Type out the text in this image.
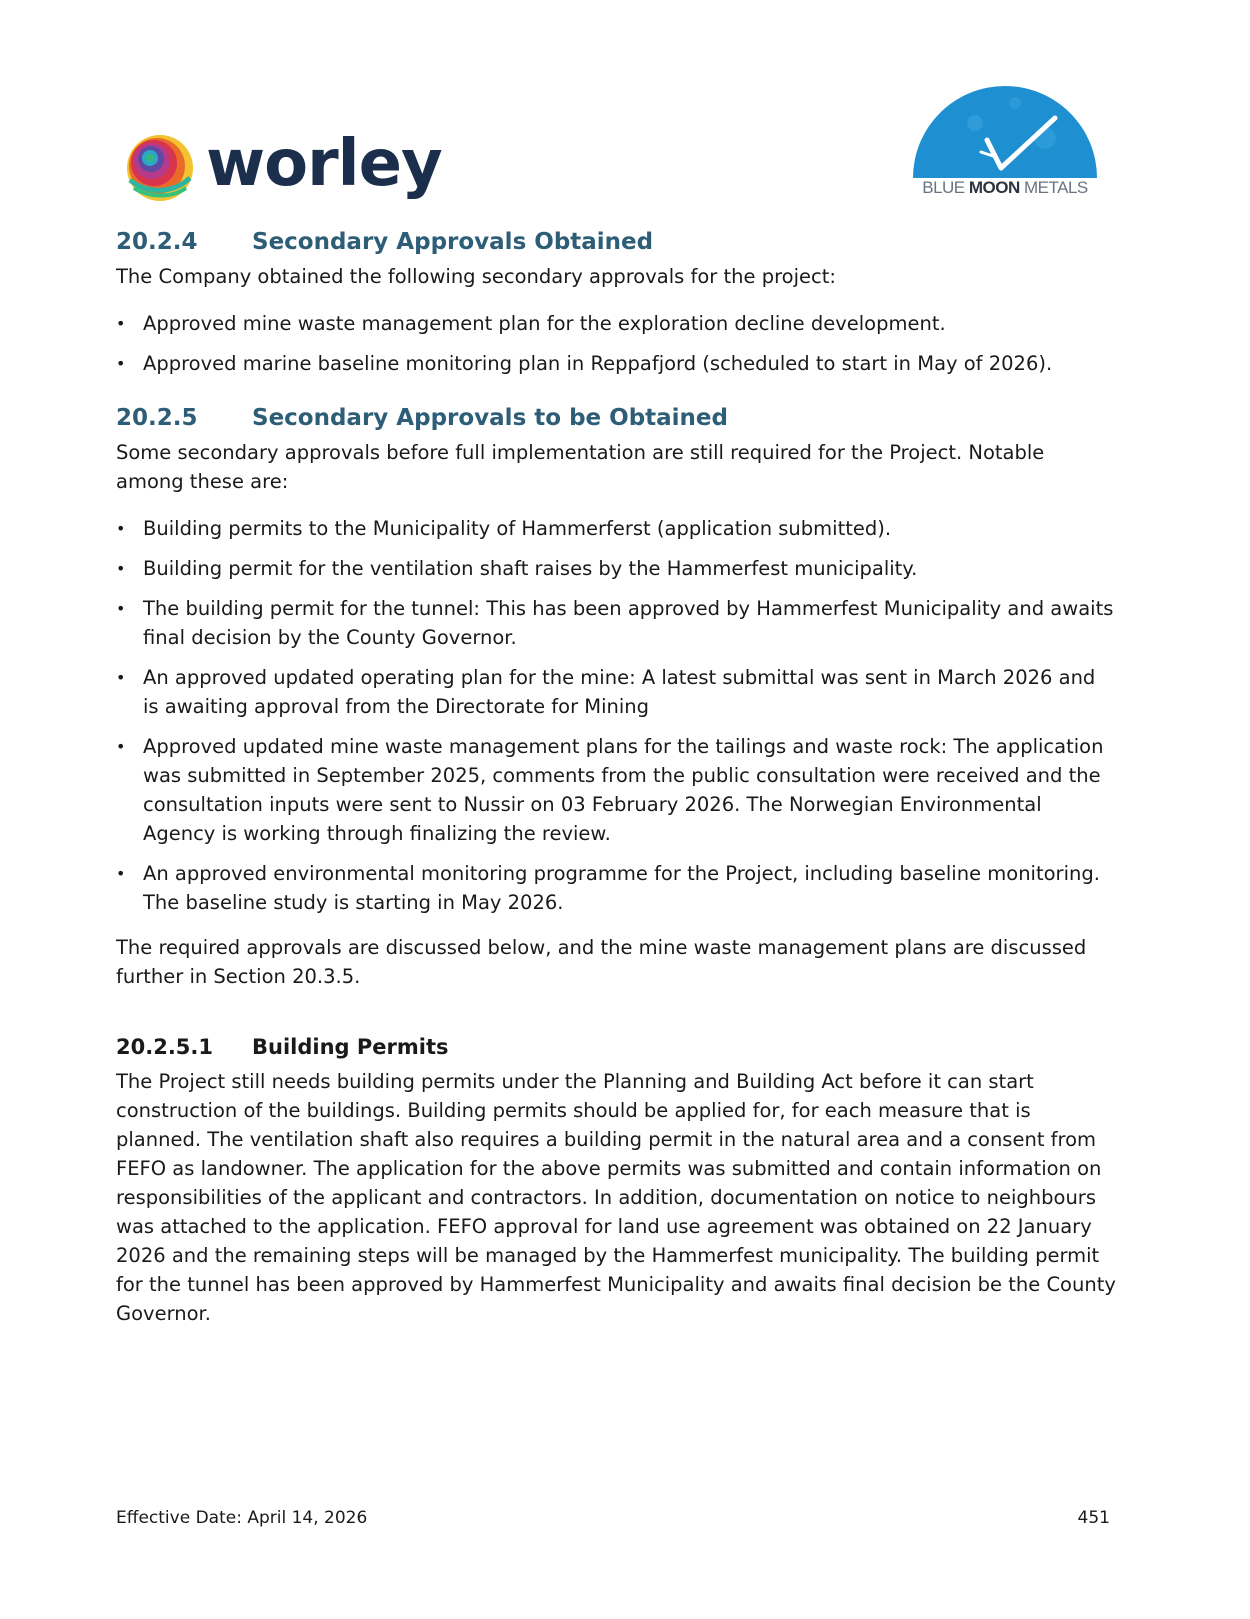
worley	BLUE MOON METALS
20.2.4	Secondary Approvals Obtained

The Company obtained the following secondary approvals for the project:

• Approved mine waste management plan for the exploration decline development.
• Approved marine baseline monitoring plan in Reppafjord (scheduled to start in May of 2026).
20.2.5	Secondary Approvals to be Obtained

Some secondary approvals before full implementation are still required for the Project. Notable among these are:

• Building permits to the Municipality of Hammerferst (application submitted).
• Building permit for the ventilation shaft raises by the Hammerfest municipality.
• The building permit for the tunnel: This has been approved by Hammerfest Municipality and awaits final decision by the County Governor.
• An approved updated operating plan for the mine: A latest submittal was sent in March 2026 and is awaiting approval from the Directorate for Mining
• Approved updated mine waste management plans for the tailings and waste rock: The application was submitted in September 2025, comments from the public consultation were received and the consultation inputs were sent to Nussir on 03 February 2026. The Norwegian Environmental Agency is working through finalizing the review.
• An approved environmental monitoring programme for the Project, including baseline monitoring. The baseline study is starting in May 2026.

The required approvals are discussed below, and the mine waste management plans are discussed further in Section 20.3.5.

20.2.5.1	Building Permits

The Project still needs building permits under the Planning and Building Act before it can start construction of the buildings. Building permits should be applied for, for each measure that is planned. The ventilation shaft also requires a building permit in the natural area and a consent from FEFO as landowner. The application for the above permits was submitted and contain information on responsibilities of the applicant and contractors. In addition, documentation on notice to neighbours was attached to the application. FEFO approval for land use agreement was obtained on 22 January 2026 and the remaining steps will be managed by the Hammerfest municipality. The building permit for the tunnel has been approved by Hammerfest Municipality and awaits final decision be the County Governor.

Effective Date: April 14, 2026	451
